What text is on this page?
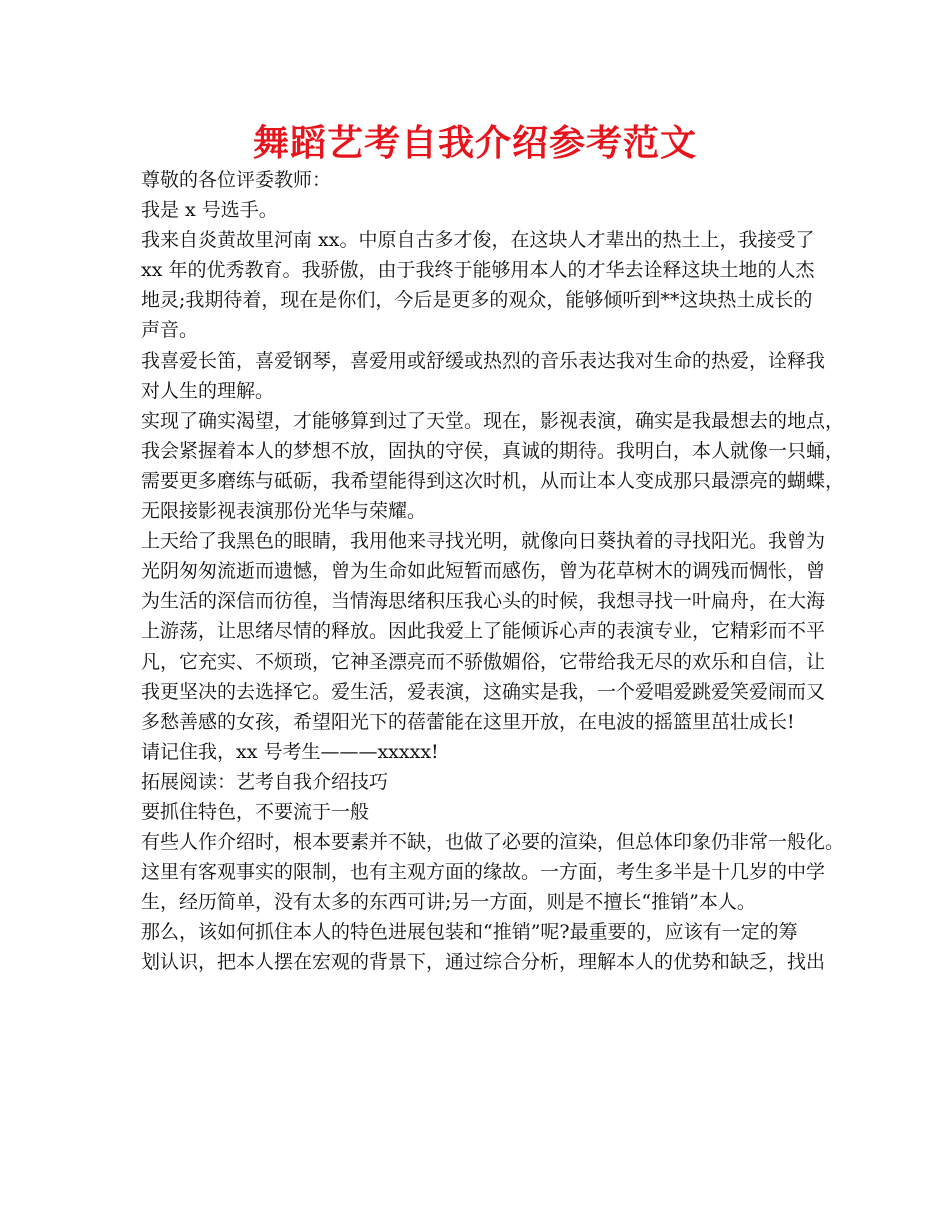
舞蹈艺考自我介绍参考范文
尊敬的各位评委教师：
我是 x 号选手。
我来自炎黄故里河南 xx。中原自古多才俊，在这块人才辈出的热土上，我接受了
xx 年的优秀教育。我骄傲，由于我终于能够用本人的才华去诠释这块土地的人杰
地灵;我期待着，现在是你们，今后是更多的观众，能够倾听到**这块热土成长的
声音。
我喜爱长笛，喜爱钢琴，喜爱用或舒缓或热烈的音乐表达我对生命的热爱，诠释我
对人生的理解。
实现了确实渴望，才能够算到过了天堂。现在，影视表演，确实是我最想去的地点，
我会紧握着本人的梦想不放，固执的守侯，真诚的期待。我明白，本人就像一只蛹，
需要更多磨练与砥砺，我希望能得到这次时机，从而让本人变成那只最漂亮的蝴蝶，
无限接影视表演那份光华与荣耀。
上天给了我黑色的眼睛，我用他来寻找光明，就像向日葵执着的寻找阳光。我曾为
光阴匆匆流逝而遗憾，曾为生命如此短暂而感伤，曾为花草树木的调残而惆怅，曾
为生活的深信而彷徨，当情海思绪积压我心头的时候，我想寻找一叶扁舟，在大海
上游荡，让思绪尽情的释放。因此我爱上了能倾诉心声的表演专业，它精彩而不平
凡，它充实、不烦琐，它神圣漂亮而不骄傲媚俗，它带给我无尽的欢乐和自信，让
我更坚决的去选择它。爱生活，爱表演，这确实是我，一个爱唱爱跳爱笑爱闹而又
多愁善感的女孩，希望阳光下的蓓蕾能在这里开放，在电波的摇篮里茁壮成长!
请记住我，xx 号考生———xxxxx!
拓展阅读：艺考自我介绍技巧
要抓住特色，不要流于一般
有些人作介绍时，根本要素并不缺，也做了必要的渲染，但总体印象仍非常一般化。
这里有客观事实的限制，也有主观方面的缘故。一方面，考生多半是十几岁的中学
生，经历简单，没有太多的东西可讲;另一方面，则是不擅长“推销”本人。
那么，该如何抓住本人的特色进展包装和“推销”呢?最重要的，应该有一定的筹
划认识，把本人摆在宏观的背景下，通过综合分析，理解本人的优势和缺乏，找出
